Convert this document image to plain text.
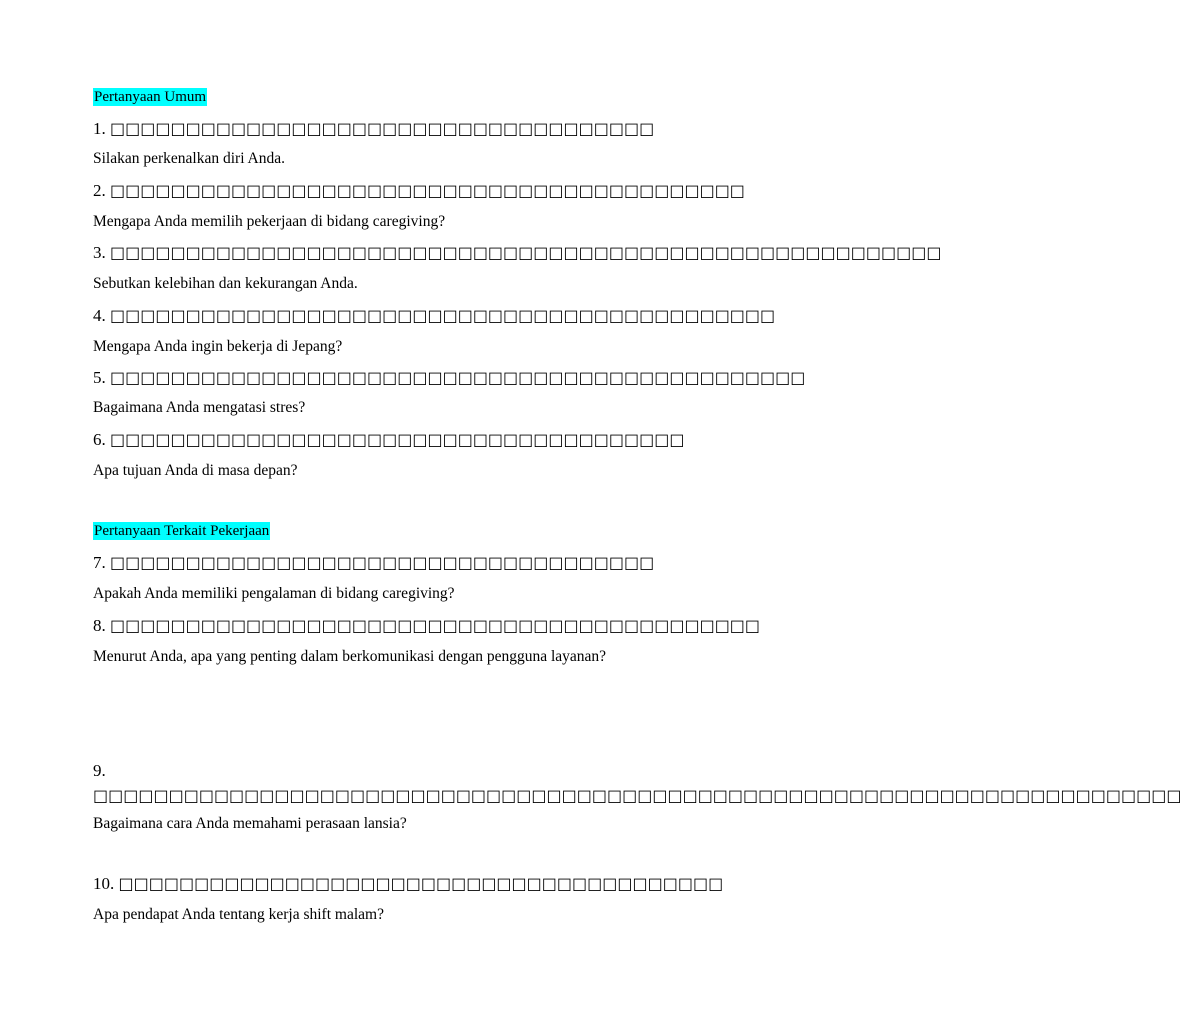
Pertanyaan Umum
1. □□□□□□□□□□□□□□□□□□□□□□□□□□□□□□□□□□□□
Silakan perkenalkan diri Anda.
2. □□□□□□□□□□□□□□□□□□□□□□□□□□□□□□□□□□□□□□□□□□
Mengapa Anda memilih pekerjaan di bidang caregiving?
3. □□□□□□□□□□□□□□□□□□□□□□□□□□□□□□□□□□□□□□□□□□□□□□□□□□□□□□□
Sebutkan kelebihan dan kekurangan Anda.
4. □□□□□□□□□□□□□□□□□□□□□□□□□□□□□□□□□□□□□□□□□□□□
Mengapa Anda ingin bekerja di Jepang?
5. □□□□□□□□□□□□□□□□□□□□□□□□□□□□□□□□□□□□□□□□□□□□□□
Bagaimana Anda mengatasi stres?
6. □□□□□□□□□□□□□□□□□□□□□□□□□□□□□□□□□□□□□□
Apa tujuan Anda di masa depan?
Pertanyaan Terkait Pekerjaan
7. □□□□□□□□□□□□□□□□□□□□□□□□□□□□□□□□□□□□
Apakah Anda memiliki pengalaman di bidang caregiving?
8. □□□□□□□□□□□□□□□□□□□□□□□□□□□□□□□□□□□□□□□□□□□
Menurut Anda, apa yang penting dalam berkomunikasi dengan pengguna layanan?
9. □□□□□□□□□□□□□□□□□□□□□□□□□□□□□□□□□□□□□□□□□□□□□□□□□□□□□□□□□□□□□□□□□□□□□□□□
Bagaimana cara Anda memahami perasaan lansia?
10. □□□□□□□□□□□□□□□□□□□□□□□□□□□□□□□□□□□□□□□□
Apa pendapat Anda tentang kerja shift malam?
